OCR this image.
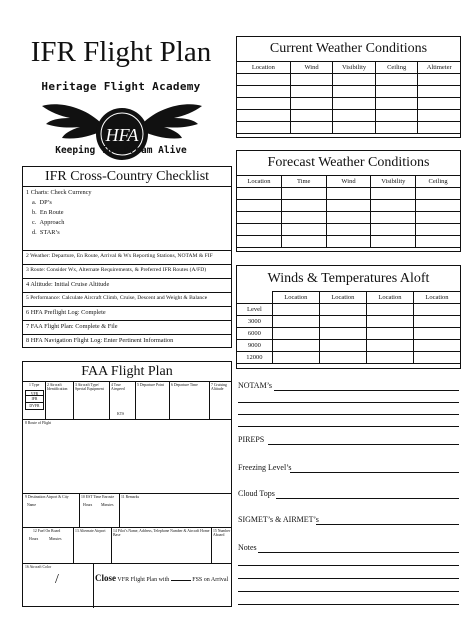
IFR Flight Plan
HFA
Heritage Flight Academy
Keeping The Dream Alive
IFR Cross-Country Checklist
1 Charts: Check Currency
a. DP’s
b. En Route
c. Approach
d. STAR’s
2 Weather: Departure, En Route, Arrival & Wx Reporting Stations, NOTAM & FIF
3 Route: Consider Wx, Alternate Requirements, & Preferred IFR Routes (A/FD)
4 Altitude: Initial Cruise Altitude
5 Performance: Calculate Aircraft Climb, Cruise, Descent and Weight & Balance
6 HFA Preflight Log: Complete
7 FAA Flight Plan: Complete & File
8 HFA Navigation Flight Log: Enter Pertinent Information
FAA Flight Plan
1 Type
VFR
IFR
DVFR
2 Aircraft Identification
3 Aircraft Type/ Special Equipment
4 True Airspeed
KTS
5 Departure Point 6 Departure Time	7 Cruising Altitude
8 Route of Flight
9 Destination Airport & City
Name
10 EST Time Enroute
Hours Minutes
11 Remarks
12 Fuel On Board
Hours	Minutes
13 Alternate Airport 14 Pilot’s Name, Address, Telephone Number & Aircraft Home Base
15 Number Aboard
16 Aircraft Color
/	Close VFR Flight Plan with	FSS on Arrival
Current Weather Conditions
Location	Wind	Visibility	Ceiling	Altimeter

Forecast Weather Conditions
Location	Time	Wind	Visibility	Ceiling

Winds & Temperatures Aloft
	Location	Location	Location	Location
Level				
3000				
6000				
9000				
12000				
NOTAM’s
PIREPS
Freezing Level’s
Cloud Tops
SIGMET’s & AIRMET’s
Notes
